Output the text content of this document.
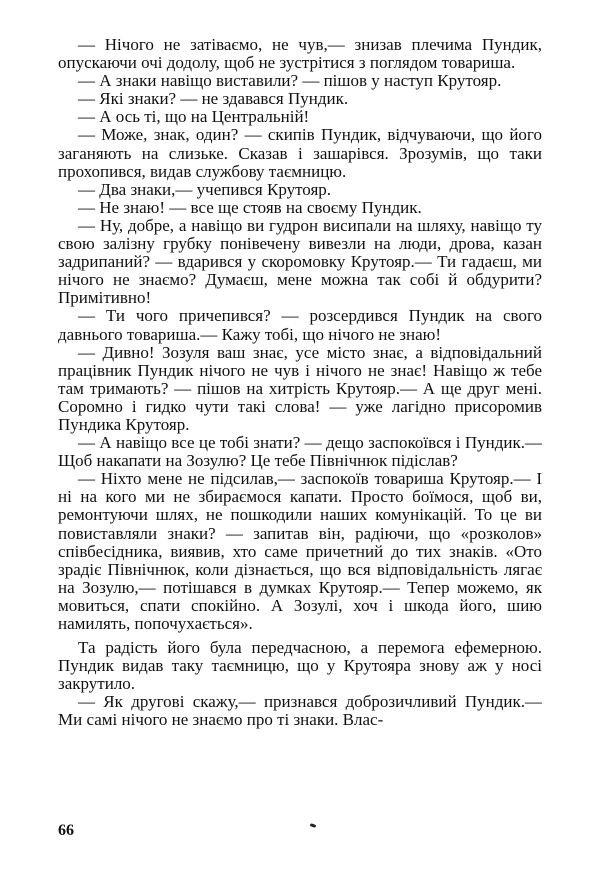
— Нічого не затіваємо, не чув,— знизав плечима Пундик, опускаючи очі додолу, щоб не зустрітися з поглядом товариша.

— А знаки навіщо виставили? — пішов у наступ Крутояр.

— Які знаки? — не здавався Пундик.

— А ось ті, що на Центральній!

— Може, знак, один? — скипів Пундик, відчуваючи, що його заганяють на слизьке. Сказав і зашарівся. Зрозумів, що таки прохопився, видав службову таємницю.

— Два знаки,— учепився Крутояр.

— Не знаю! — все ще стояв на своєму Пундик.

— Ну, добре, а навіщо ви гудрон висипали на шляху, навіщо ту свою залізну грубку понівечену вивезли на люди, дрова, казан задрипаний? — вдарився у скоромовку Крутояр.— Ти гадаєш, ми нічого не знаємо? Думаєш, мене можна так собі й обдурити? Примітивно!

— Ти чого причепився? — розсердився Пундик на свого давнього товариша.— Кажу тобі, що нічого не знаю!

— Дивно! Зозуля ваш знає, усе місто знає, а відповідальний працівник Пундик нічого не чув і нічого не знає! Навіщо ж тебе там тримають? — пішов на хитрість Крутояр.— А ще друг мені. Соромно і гидко чути такі слова! — уже лагідно присоромив Пундика Крутояр.

— А навіщо все це тобі знати? — дещо заспокоївся і Пундик.— Щоб накапати на Зозулю? Це тебе Північнюк підіслав?

— Ніхто мене не підсилав,— заспокоїв товариша Крутояр.— І ні на кого ми не збираємося капати. Просто боїмося, щоб ви, ремонтуючи шлях, не пошкодили наших комунікацій. То це ви повиставляли знаки? — запитав він, радіючи, що «розколов» співбесідника, виявив, хто саме причетний до тих знаків. «Ото зрадіє Північнюк, коли дізнається, що вся відповідальність лягає на Зозулю,— потішався в думках Крутояр.— Тепер можемо, як мовиться, спати спокійно. А Зозулі, хоч і шкода його, шию намилять, попочухається».

Та радість його була передчасною, а перемога ефемерною. Пундик видав таку таємницю, що у Крутояра знову аж у носі закрутило.

— Як другові скажу,— признався доброзичливий Пундик.— Ми самі нічого не знаємо про ті знаки. Влас-

66
